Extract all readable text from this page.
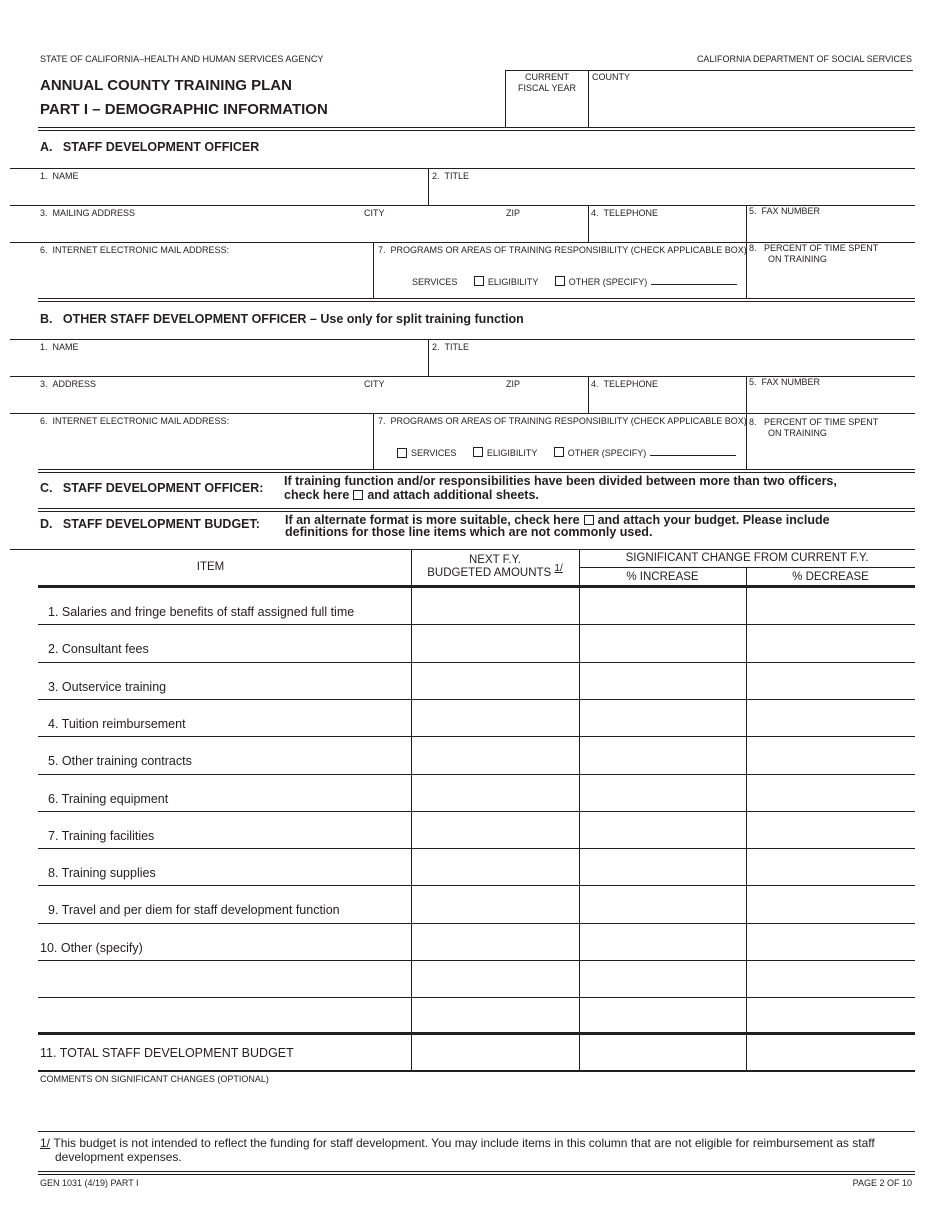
STATE OF CALIFORNIA–HEALTH AND HUMAN SERVICES AGENCY	CALIFORNIA DEPARTMENT OF SOCIAL SERVICES
ANNUAL COUNTY TRAINING PLAN
PART I – DEMOGRAPHIC INFORMATION
CURRENT
FISCAL YEAR
COUNTY
A. STAFF DEVELOPMENT OFFICER
1. NAME	2. TITLE
3. MAILING ADDRESS	CITY	ZIP	4. TELEPHONE	5. FAX NUMBER
6. INTERNET ELECTRONIC MAIL ADDRESS:	7. PROGRAMS OR AREAS OF TRAINING RESPONSIBILITY (CHECK APPLICABLE BOX)
SERVICES	ELIGIBILITY	OTHER (SPECIFY)
8. PERCENT OF TIME SPENT
ON TRAINING
B. OTHER STAFF DEVELOPMENT OFFICER – Use only for split training function
1. NAME	2. TITLE
3. ADDRESS	CITY	ZIP	4. TELEPHONE	5. FAX NUMBER
6. INTERNET ELECTRONIC MAIL ADDRESS:	7. PROGRAMS OR AREAS OF TRAINING RESPONSIBILITY (CHECK APPLICABLE BOX)
SERVICES	ELIGIBILITY	OTHER (SPECIFY)
8. PERCENT OF TIME SPENT
ON TRAINING
C. STAFF DEVELOPMENT OFFICER: If training function and/or responsibilities have been divided between more than two officers,
check here and attach additional sheets.
D. STAFF DEVELOPMENT BUDGET: If an alternate format is more suitable, check here and attach your budget. Please include
definitions for those line items which are not commonly used.
ITEM
NEXT F.Y.
BUDGETED AMOUNTS 1/
SIGNIFICANT CHANGE FROM CURRENT F.Y.
% INCREASE	% DECREASE
1. Salaries and fringe benefits of staff assigned full time
2. Consultant fees
3. Outservice training
4. Tuition reimbursement
5. Other training contracts
6. Training equipment
7. Training facilities
8. Training supplies
9. Travel and per diem for staff development function
10. Other (specify)
11. TOTAL STAFF DEVELOPMENT BUDGET
COMMENTS ON SIGNIFICANT CHANGES (OPTIONAL)
1/ This budget is not intended to reflect the funding for staff development. You may include items in this column that are not eligible for reimbursement as staff
development expenses.
GEN 1031 (4/19) PART I	PAGE 2 OF 10
